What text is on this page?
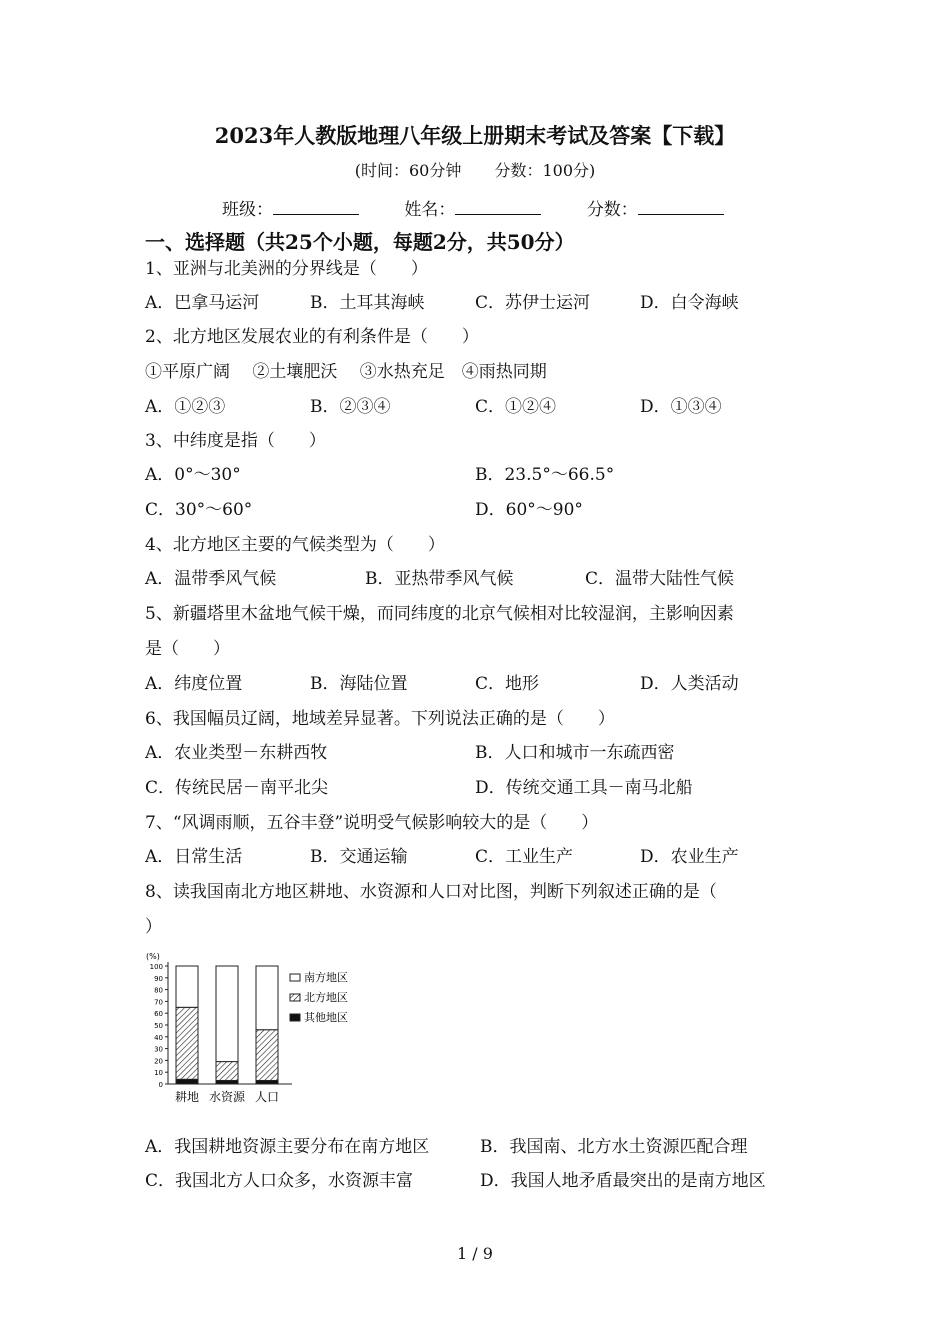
2023年人教版地理八年级上册期末考试及答案【下载】
(时间：60分钟 分数：100分)
班级：	姓名：	分数：
一、选择题（共25个小题，每题2分，共50分）
1、亚洲与北美洲的分界线是（　　）
A．巴拿马运河	B．土耳其海峡	C．苏伊士运河	D．白令海峡
2、北方地区发展农业的有利条件是（　　）
①平原广阔　 ②土壤肥沃　 ③水热充足　④雨热同期
A．①②③	B．②③④	C．①②④	D．①③④
3、中纬度是指（　　）
A．0°～30°	B．23.5°～66.5°
C．30°～60°	D．60°～90°
4、北方地区主要的气候类型为（　　）
A．温带季风气候	B．亚热带季风气候	C．温带大陆性气候
5、新疆塔里木盆地气候干燥，而同纬度的北京气候相对比较湿润，主影响因素
是（　　）
A．纬度位置	B．海陆位置	C．地形	D．人类活动
6、我国幅员辽阔，地域差异显著。下列说法正确的是（　　）
A．农业类型－东耕西牧	B．人口和城市一东疏西密
C．传统民居－南平北尖	D．传统交通工具－南马北船
7、“风调雨顺，五谷丰登”说明受气候影响较大的是（　　）
A．日常生活	B．交通运输	C．工业生产	D．农业生产
8、读我国南北方地区耕地、水资源和人口对比图，判断下列叙述正确的是（
）
(%)
0
10
20
30
40
50
60
70
80
90
100
耕地 水资源 人口
南方地区
北方地区
其他地区
A．我国耕地资源主要分布在南方地区	B．我国南、北方水土资源匹配合理
C．我国北方人口众多，水资源丰富	D．我国人地矛盾最突出的是南方地区
1 / 9
